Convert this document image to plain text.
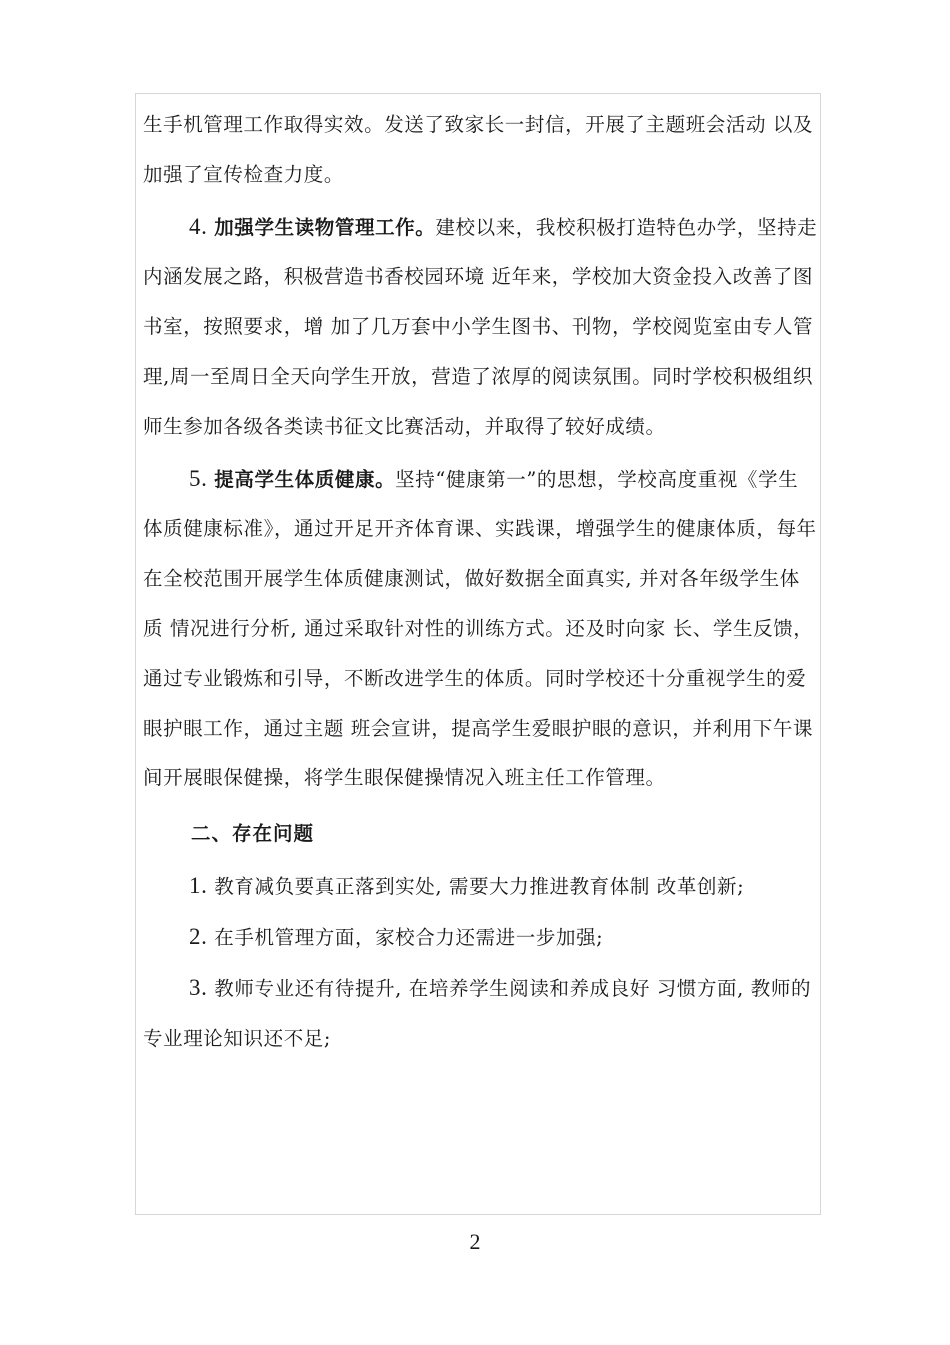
生手机管理工作取得实效。发送了致家长一封信，开展了主题班会活动 以及加强了宣传检查力度。

4. 加强学生读物管理工作。建校以来，我校积极打造特色办学，坚持走内涵发展之路，积极营造书香校园环境 近年来，学校加大资金投入改善了图书室，按照要求，增 加了几万套中小学生图书、刊物，学校阅览室由专人管理,周一至周日全天向学生开放，营造了浓厚的阅读氛围。同时学校积极组织师生参加各级各类读书征文比赛活动，并取得了较好成绩。

5. 提高学生体质健康。坚持“健康第一”的思想，学校高度重视《学生体质健康标准》，通过开足开齐体育课、实践课，增强学生的健康体质，每年在全校范围开展学生体质健康测试，做好数据全面真实, 并对各年级学生体质 情况进行分析, 通过采取针对性的训练方式。还及时向家 长、学生反馈，通过专业锻炼和引导，不断改进学生的体质。同时学校还十分重视学生的爱眼护眼工作，通过主题 班会宣讲，提高学生爱眼护眼的意识，并利用下午课间开展眼保健操，将学生眼保健操情况入班主任工作管理。

二、存在问题

1. 教育减负要真正落到实处, 需要大力推进教育体制 改革创新;

2. 在手机管理方面，家校合力还需进一步加强;

3. 教师专业还有待提升, 在培养学生阅读和养成良好 习惯方面, 教师的专业理论知识还不足;

2
